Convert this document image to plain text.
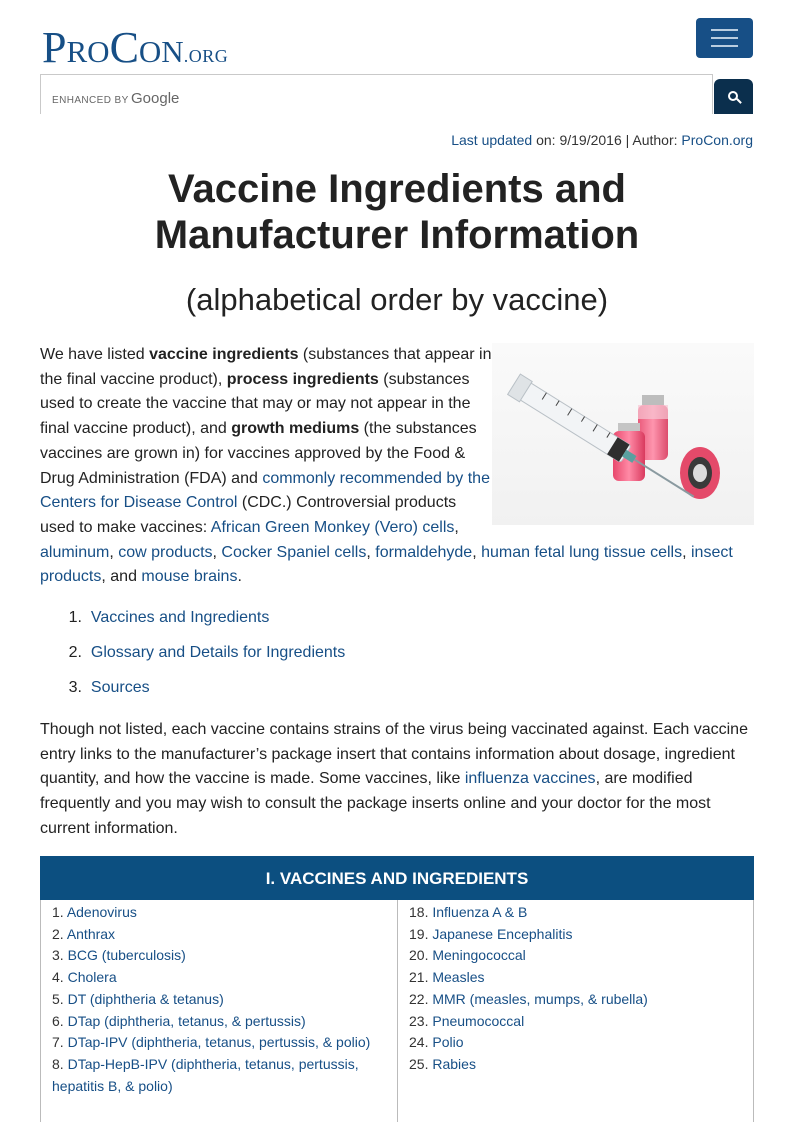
PROCON.ORG
ENHANCED BY Google
Last updated on: 9/19/2016 | Author: ProCon.org
Vaccine Ingredients and Manufacturer Information
(alphabetical order by vaccine)

We have listed vaccine ingredients (substances that appear in the final vaccine product), process ingredients (substances used to create the vaccine that may or may not appear in the final vaccine product), and growth mediums (the substances vaccines are grown in) for vaccines approved by the Food & Drug Administration (FDA) and commonly recommended by the Centers for Disease Control (CDC.) Controversial products used to make vaccines: African Green Monkey (Vero) cells, aluminum, cow products, Cocker Spaniel cells, formaldehyde, human fetal lung tissue cells, insect products, and mouse brains.

1. Vaccines and Ingredients
2. Glossary and Details for Ingredients
3. Sources

Though not listed, each vaccine contains strains of the virus being vaccinated against. Each vaccine entry links to the manufacturer’s package insert that contains information about dosage, ingredient quantity, and how the vaccine is made. Some vaccines, like influenza vaccines, are modified frequently and you may wish to consult the package inserts online and your doctor for the most current information.

I. VACCINES AND INGREDIENTS
1. Adenovirus
2. Anthrax
3. BCG (tuberculosis)
4. Cholera
5. DT (diphtheria & tetanus)
6. DTap (diphtheria, tetanus, & pertussis)
7. DTap-IPV (diphtheria, tetanus, pertussis, & polio)
8. DTap-HepB-IPV (diphtheria, tetanus, pertussis, hepatitis B, & polio)
18. Influenza A & B
19. Japanese Encephalitis
20. Meningococcal
21. Measles
22. MMR (measles, mumps, & rubella)
23. Pneumococcal
24. Polio
25. Rabies
